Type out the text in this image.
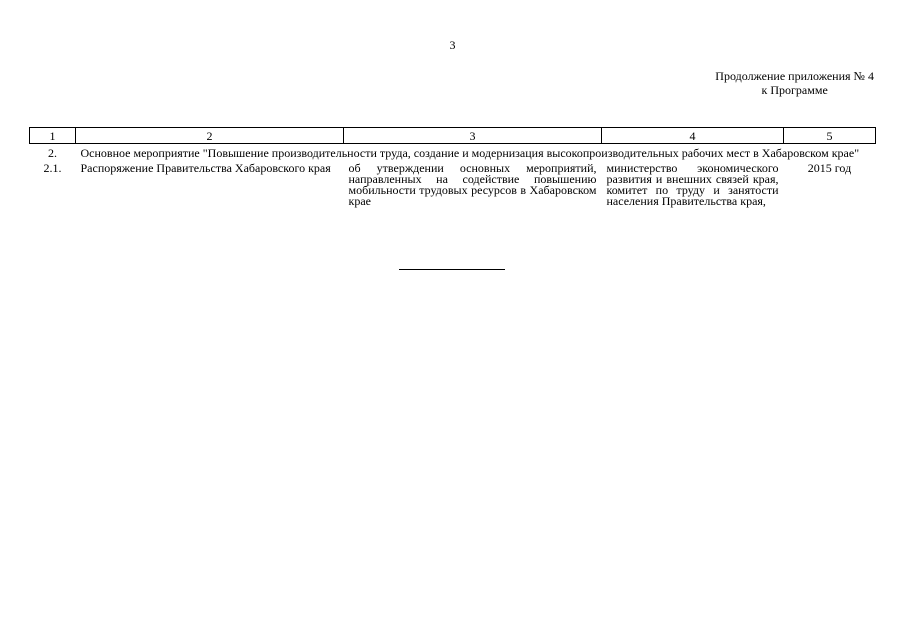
3
Продолжение приложения № 4
к Программе
1	2	3	4	5
2.	Основное мероприятие "Повышение производительности труда, создание и модернизация высокопроизводительных рабочих мест в Хабаровском крае"			
2.1.	Распоряжение Правительства Хабаровского края	об утверждении основных мероприятий, направленных на содействие повышению мобильности трудовых ресурсов в Хабаровском крае	министерство экономического развития и внешних связей края, комитет по труду и занятости населения Правительства края,	2015 год
